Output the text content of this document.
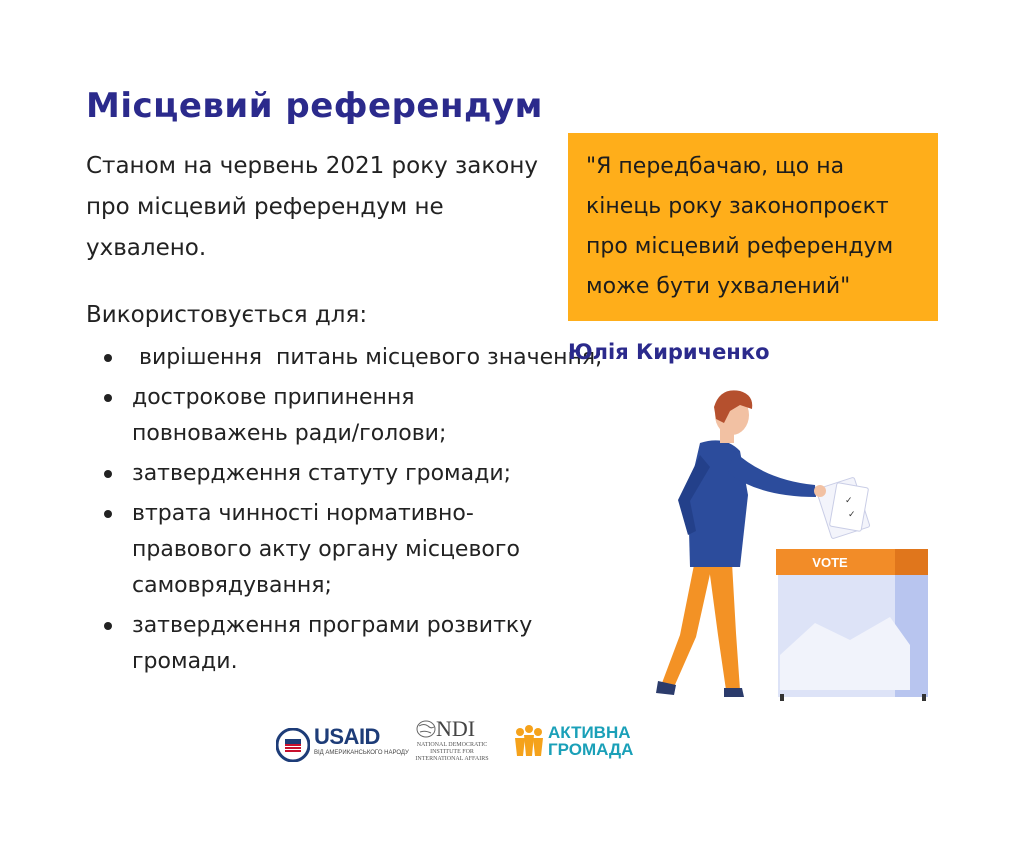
Місцевий референдум

Станом на червень 2021 року закону про місцевий референдум не ухвалено.

Використовується для:

вирішення  питань місцевого значення;
дострокове припинення повноважень ради/голови;
затвердження статуту громади;
втрата чинності нормативно-правового акту органу місцевого самоврядування;
затвердження програми розвитку громади.

"Я передбачаю, що на кінець року законопроєкт про місцевий референдум може бути ухвалений"

Юлія Кириченко

VOTE
✓
✓
USAID
ВІД АМЕРИКАНСЬКОГО НАРОДУ
NDI
NATIONAL DEMOCRATIC INSTITUTE FOR INTERNATIONAL AFFAIRS
АКТИВНА
ГРОМАДА
